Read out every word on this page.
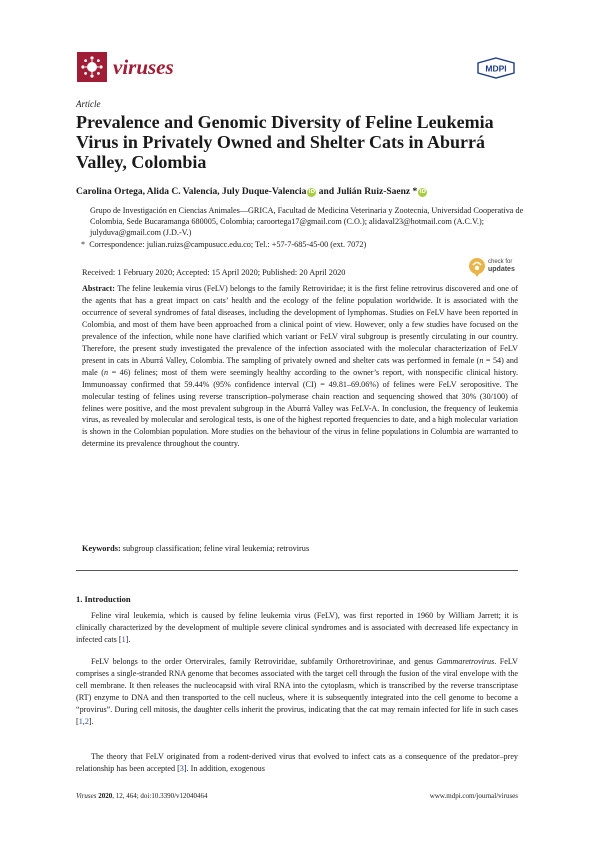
viruses	MDPI
Article
Prevalence and Genomic Diversity of Feline Leukemia Virus in Privately Owned and Shelter Cats in Aburrá Valley, Colombia
Carolina Ortega, Alida C. Valencia, July Duque-Valencia iD and Julián Ruiz-Saenz * iD
Grupo de Investigación en Ciencias Animales—GRICA, Facultad de Medicina Veterinaria y Zootecnia, Universidad Cooperativa de Colombia, Sede Bucaramanga 680005, Colombia; caroortega17@gmail.com (C.O.); alidaval23@hotmail.com (A.C.V.); julyduva@gmail.com (J.D.-V.)
* Correspondence: julian.ruizs@campusucc.edu.co; Tel.: +57-7-685-45-00 (ext. 7072)
check for
updates
Received: 1 February 2020; Accepted: 15 April 2020; Published: 20 April 2020
Abstract: The feline leukemia virus (FeLV) belongs to the family Retroviridae; it is the first feline retrovirus discovered and one of the agents that has a great impact on cats’ health and the ecology of the feline population worldwide. It is associated with the occurrence of several syndromes of fatal diseases, including the development of lymphomas. Studies on FeLV have been reported in Colombia, and most of them have been approached from a clinical point of view. However, only a few studies have focused on the prevalence of the infection, while none have clarified which variant or FeLV viral subgroup is presently circulating in our country. Therefore, the present study investigated the prevalence of the infection associated with the molecular characterization of FeLV present in cats in Aburrá Valley, Colombia. The sampling of privately owned and shelter cats was performed in female (n = 54) and male (n = 46) felines; most of them were seemingly healthy according to the owner’s report, with nonspecific clinical history. Immunoassay confirmed that 59.44% (95% confidence interval (CI) = 49.81–69.06%) of felines were FeLV seropositive. The molecular testing of felines using reverse transcription–polymerase chain reaction and sequencing showed that 30% (30/100) of felines were positive, and the most prevalent subgroup in the Aburrá Valley was FeLV-A. In conclusion, the frequency of leukemia virus, as revealed by molecular and serological tests, is one of the highest reported frequencies to date, and a high molecular variation is shown in the Colombian population. More studies on the behaviour of the virus in feline populations in Columbia are warranted to determine its prevalence throughout the country.
Keywords: subgroup classification; feline viral leukemia; retrovirus
1. Introduction
Feline viral leukemia, which is caused by feline leukemia virus (FeLV), was first reported in 1960 by William Jarrett; it is clinically characterized by the development of multiple severe clinical syndromes and is associated with decreased life expectancy in infected cats [1].
FeLV belongs to the order Ortervirales, family Retroviridae, subfamily Orthoretrovirinae, and genus Gammaretrovirus. FeLV comprises a single-stranded RNA genome that becomes associated with the target cell through the fusion of the viral envelope with the cell membrane. It then releases the nucleocapsid with viral RNA into the cytoplasm, which is transcribed by the reverse transcriptase (RT) enzyme to DNA and then transported to the cell nucleus, where it is subsequently integrated into the cell genome to become a “provirus”. During cell mitosis, the daughter cells inherit the provirus, indicating that the cat may remain infected for life in such cases [1,2].
The theory that FeLV originated from a rodent-derived virus that evolved to infect cats as a consequence of the predator–prey relationship has been accepted [3]. In addition, exogenous
Viruses 2020, 12, 464; doi:10.3390/v12040464	www.mdpi.com/journal/viruses
